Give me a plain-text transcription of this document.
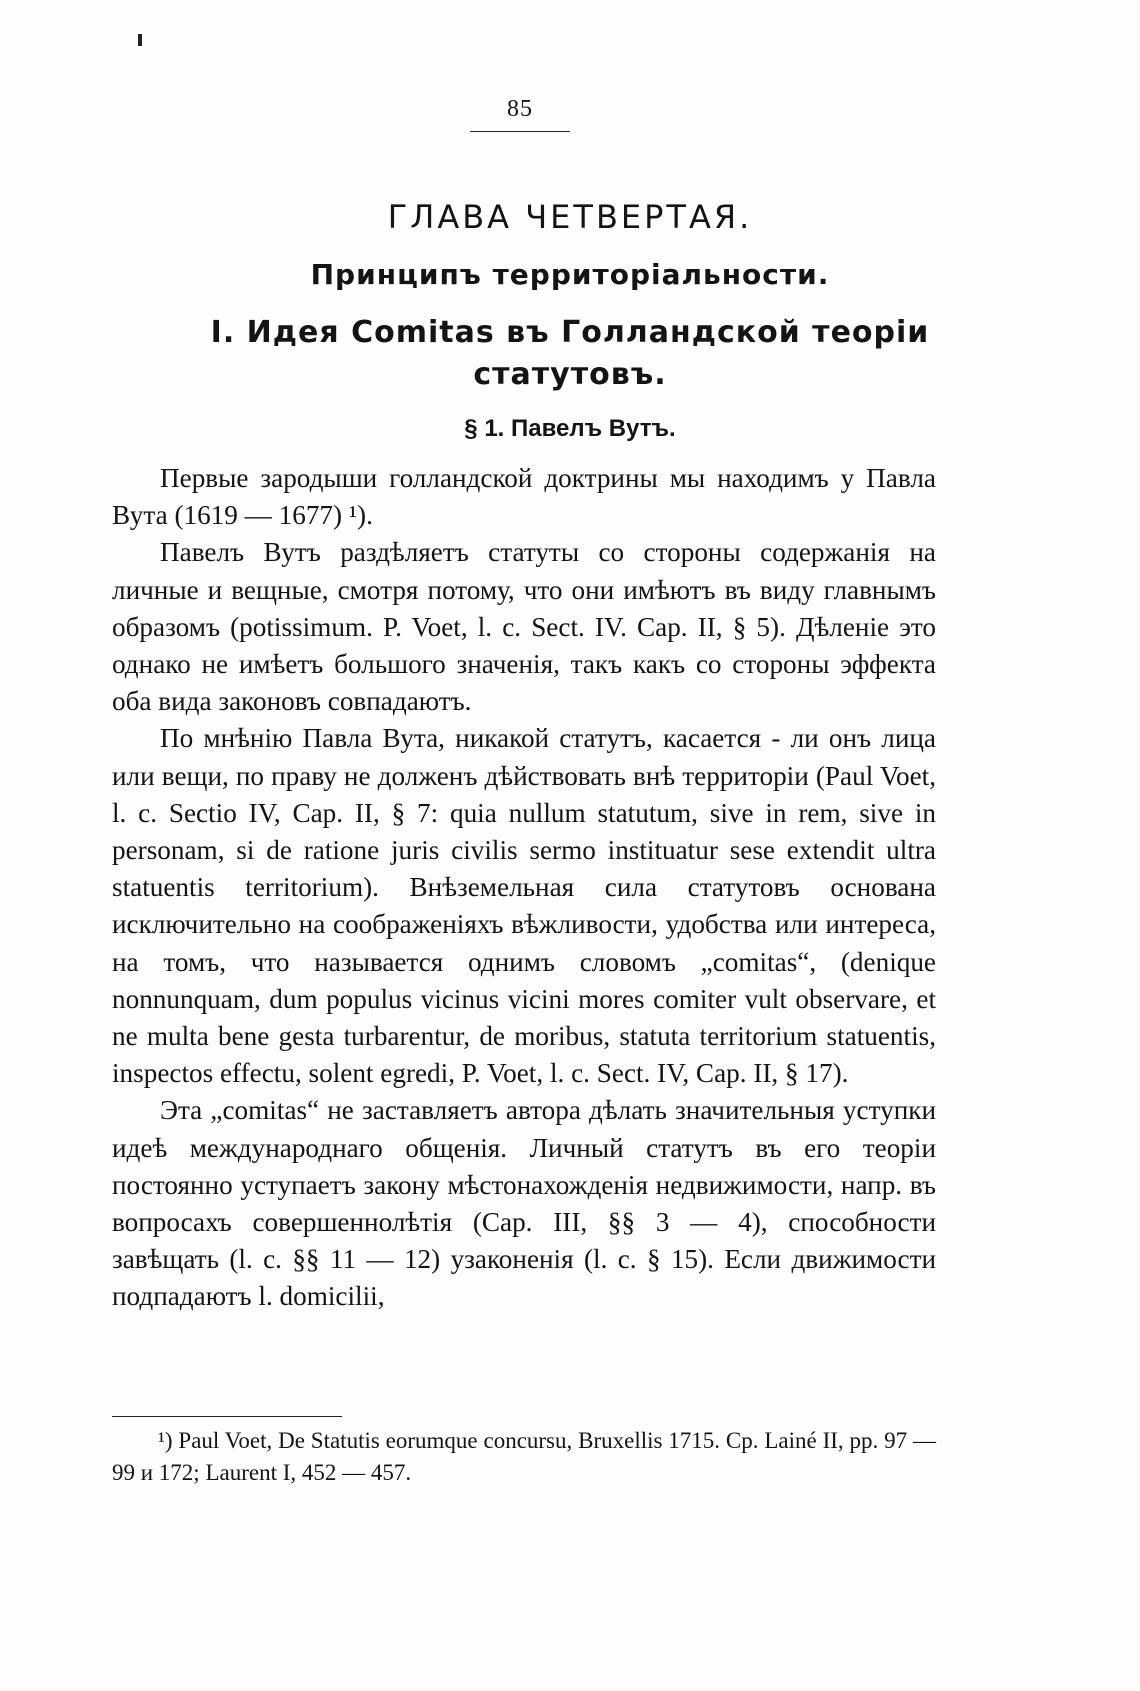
85
ГЛАВА ЧЕТВЕРТАЯ.
Принципъ территоріальности.
I. Идея Comitas въ Голландской теоріи статутовъ.
§ 1. Павелъ Вутъ.

Первые зародыши голландской доктрины мы находимъ у Павла Вута (1619 — 1677) ¹).

Павелъ Вутъ раздѣляетъ статуты со стороны содержанія на личные и вещные, смотря потому, что они имѣютъ въ виду главнымъ образомъ (potissimum. P. Voet, l. c. Sect. IV. Cap. II, § 5). Дѣленіе это однако не имѣетъ большого значенія, такъ какъ со стороны эффекта оба вида законовъ совпадаютъ.

По мнѣнію Павла Вута, никакой статутъ, касается - ли онъ лица или вещи, по праву не долженъ дѣйствовать внѣ территоріи (Paul Voet, l. c. Sectio IV, Cap. II, § 7: quia nullum statutum, sive in rem, sive in personam, si de ratione juris civilis sermo instituatur sese extendit ultra statuentis territorium). Внѣземельная сила статутовъ основана исключительно на соображеніяхъ вѣжливости, удобства или интереса, на томъ, что называется однимъ словомъ „comitas“, (denique nonnunquam, dum populus vicinus vicini mores comiter vult observare, et ne multa bene gesta turbarentur, de moribus, statuta territorium statuentis, inspectos effectu, solent egredi, P. Voet, l. c. Sect. IV, Cap. II, § 17).

Эта „comitas“ не заставляетъ автора дѣлать значительныя уступки идеѣ международнаго общенія. Личный статутъ въ его теоріи постоянно уступаетъ закону мѣстонахожденія недвижимости, напр. въ вопросахъ совершеннолѣтія (Cap. III, §§ 3 — 4), способности завѣщать (l. c. §§ 11 — 12) узаконенія (l. c. § 15). Если движимости подпадаютъ l. domicilii,

¹) Paul Voet, De Statutis eorumque concursu, Bruxellis 1715. Cp. Lainé II, pp. 97 — 99 и 172; Laurent I, 452 — 457.
